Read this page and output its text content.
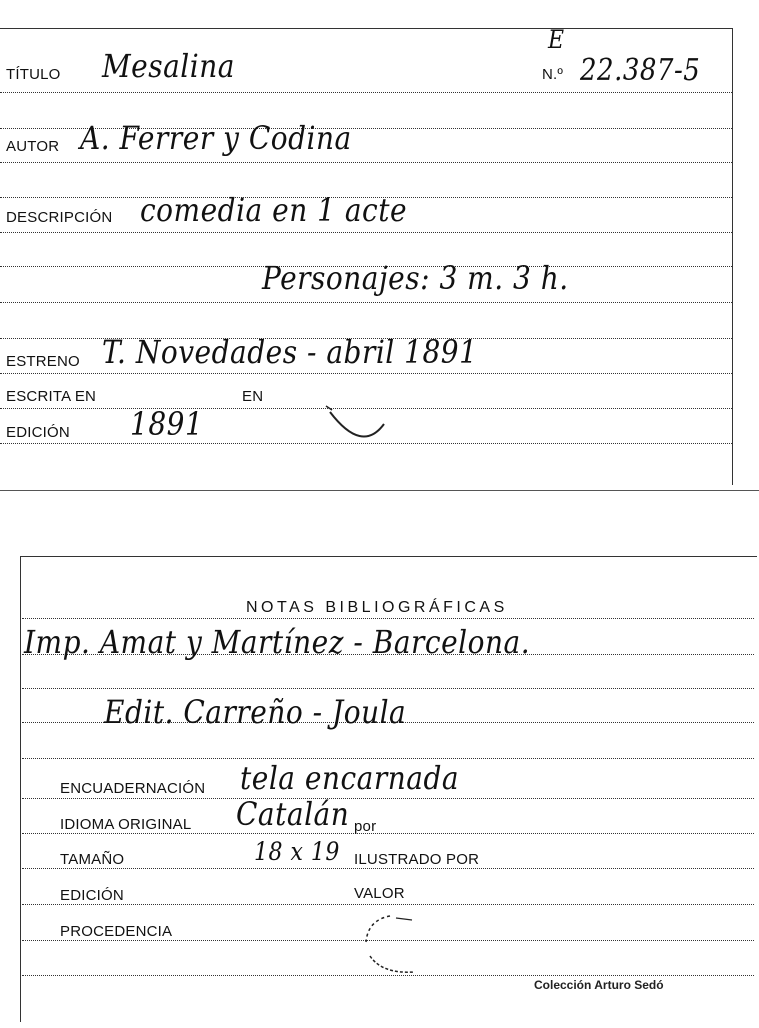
TÍTULO Mesalina
E
N.º 22.387-5
AUTOR A. Ferrer y Codina
DESCRIPCIÓN comedia en 1 acte
Personajes: 3 m. 3 h.
ESTRENO T. Novedades - abril 1891
ESCRITA EN	EN
EDICIÓN 1891
NOTAS BIBLIOGRÁFICAS
Imp. Amat y Martínez - Barcelona.
Edit. Carreño - Joula
ENCUADERNACIÓN tela encarnada
IDIOMA ORIGINAL Catalán por
TAMAÑO	18 x 19 ILUSTRADO POR
EDICIÓN	VALOR
PROCEDENCIA
Colección Arturo Sedó
